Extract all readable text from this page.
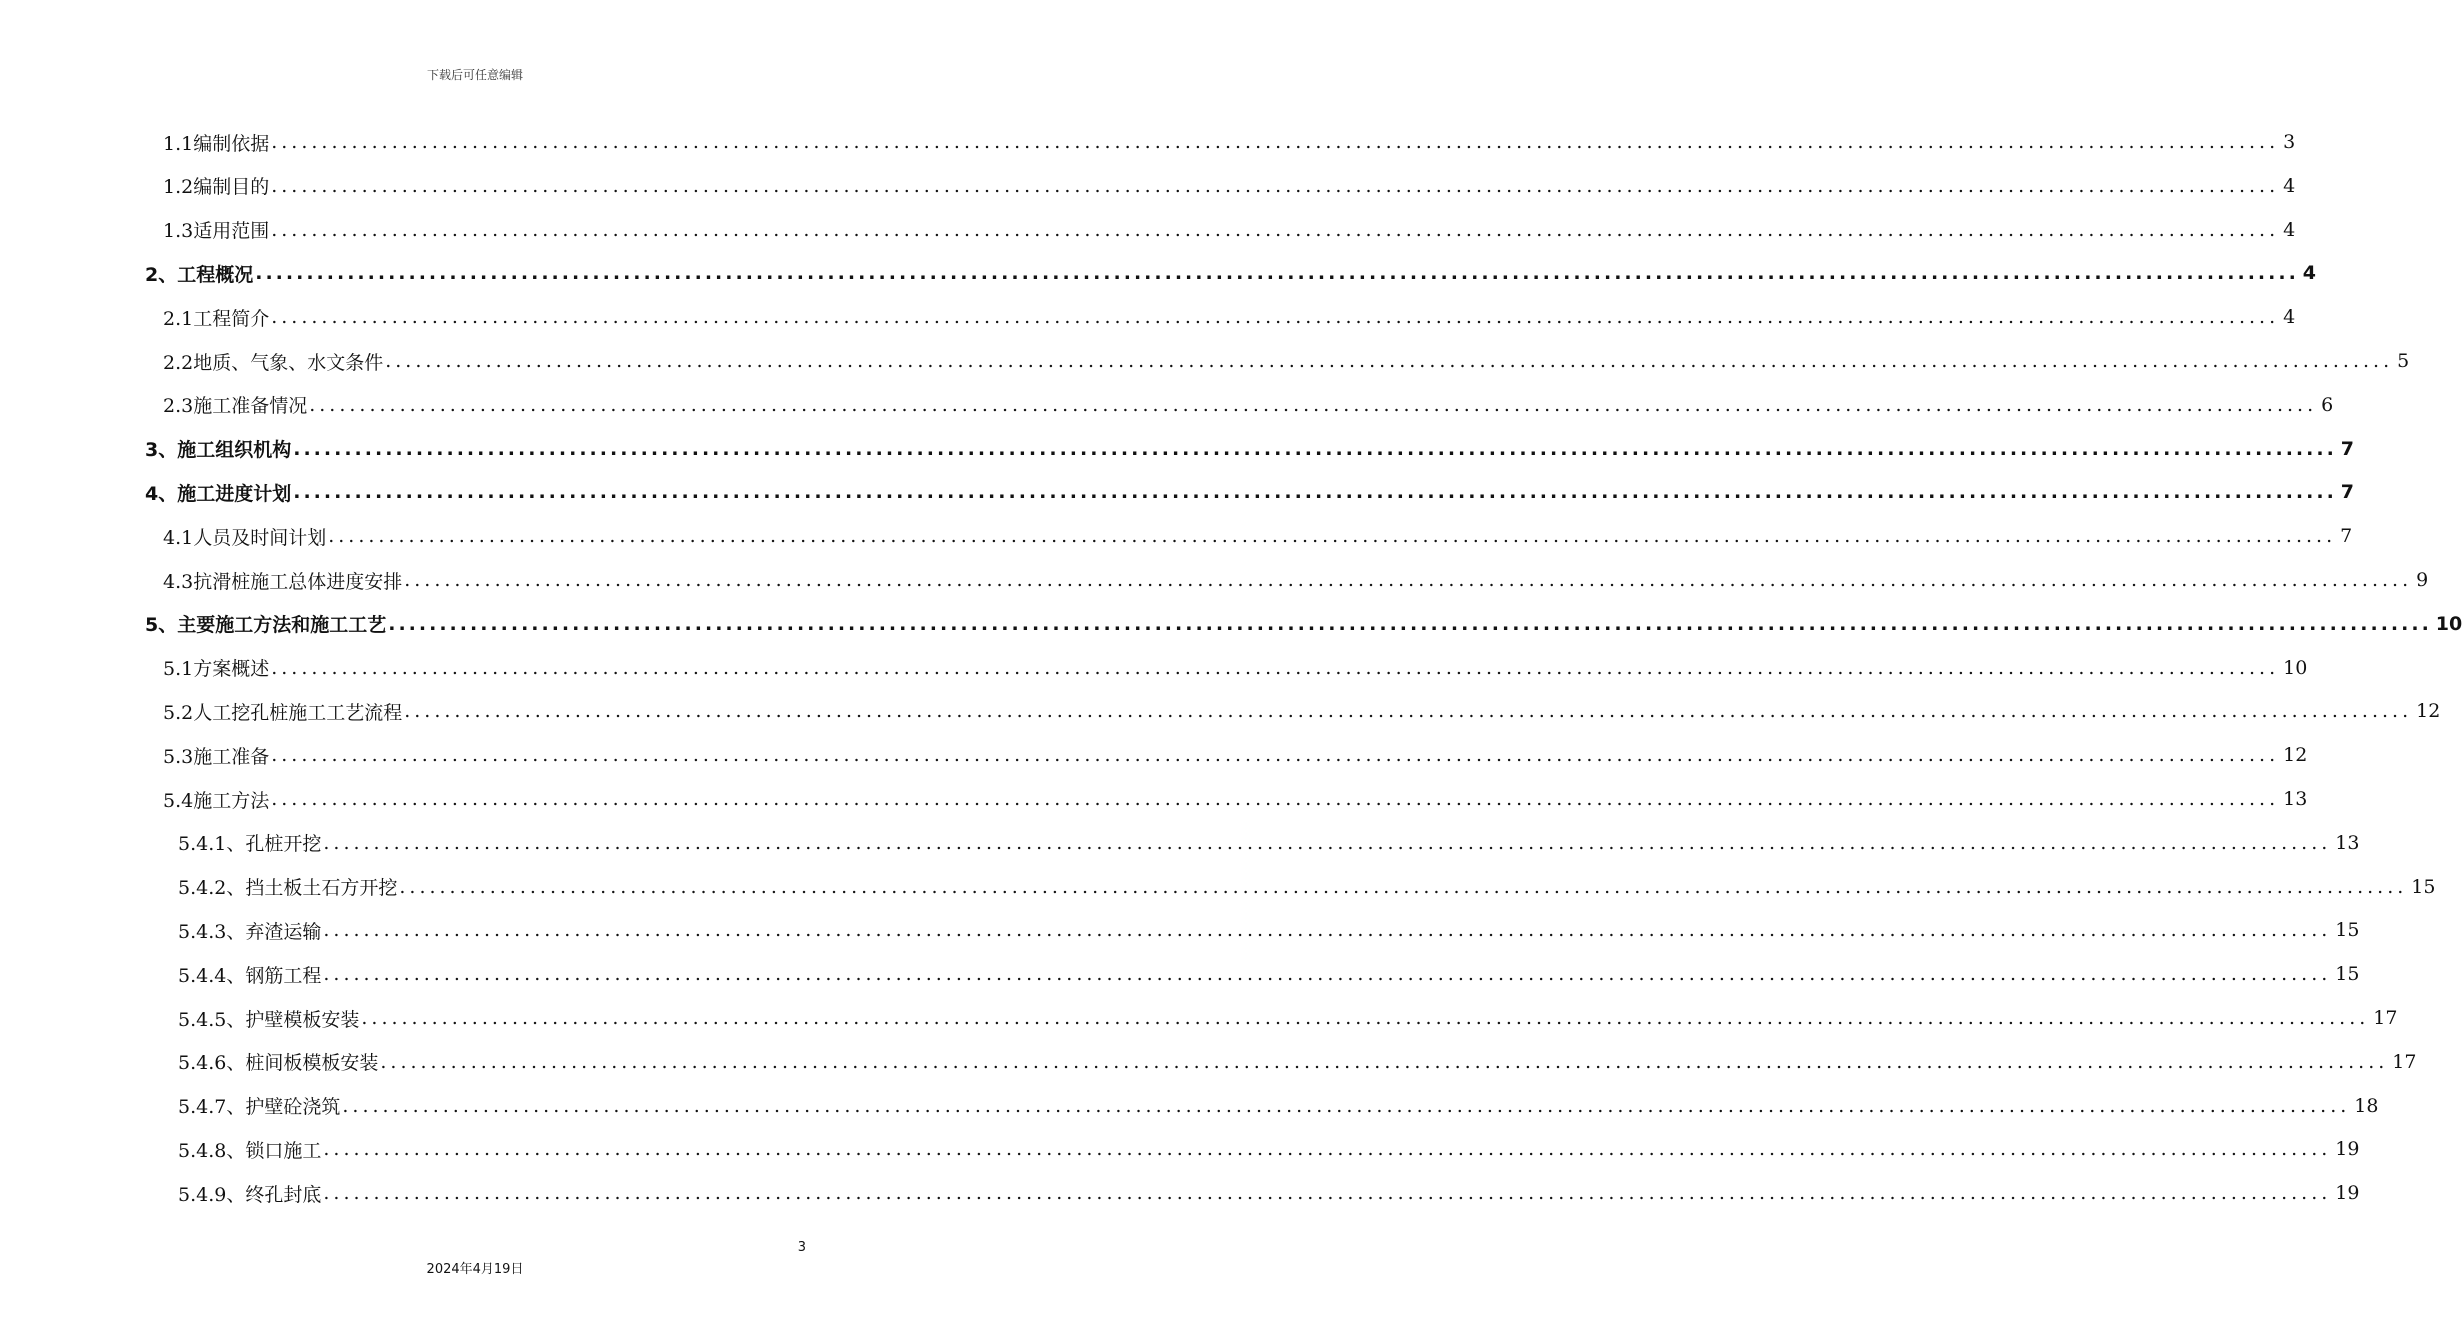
下载后可任意编辑
1.1编制依据 ........................................................................................................................................................................................................ 3
1.2编制目的 ........................................................................................................................................................................................................ 4
1.3适用范围 ........................................................................................................................................................................................................ 4
2、工程概况 ........................................................................................................................................................................................................ 4
2.1工程简介 ........................................................................................................................................................................................................ 4
2.2地质、气象、水文条件 ........................................................................................................................................................................................................ 5
2.3施工准备情况 ........................................................................................................................................................................................................ 6
3、施工组织机构 ........................................................................................................................................................................................................ 7
4、施工进度计划 ........................................................................................................................................................................................................ 7
4.1人员及时间计划 ........................................................................................................................................................................................................ 7
4.3抗滑桩施工总体进度安排 ........................................................................................................................................................................................................ 9
5、主要施工方法和施工工艺 ........................................................................................................................................................................................................ 10
5.1方案概述 ........................................................................................................................................................................................................ 10
5.2人工挖孔桩施工工艺流程 ........................................................................................................................................................................................................ 12
5.3施工准备 ........................................................................................................................................................................................................ 12
5.4施工方法 ........................................................................................................................................................................................................ 13
5.4.1、孔桩开挖 ........................................................................................................................................................................................................ 13
5.4.2、挡土板土石方开挖 ........................................................................................................................................................................................................ 15
5.4.3、弃渣运输 ........................................................................................................................................................................................................ 15
5.4.4、钢筋工程 ........................................................................................................................................................................................................ 15
5.4.5、护壁模板安装 ........................................................................................................................................................................................................ 17
5.4.6、桩间板模板安装 ........................................................................................................................................................................................................ 17
5.4.7、护壁砼浇筑 ........................................................................................................................................................................................................ 18
5.4.8、锁口施工 ........................................................................................................................................................................................................ 19
5.4.9、终孔封底 ........................................................................................................................................................................................................ 19
3
2024年4月19日
